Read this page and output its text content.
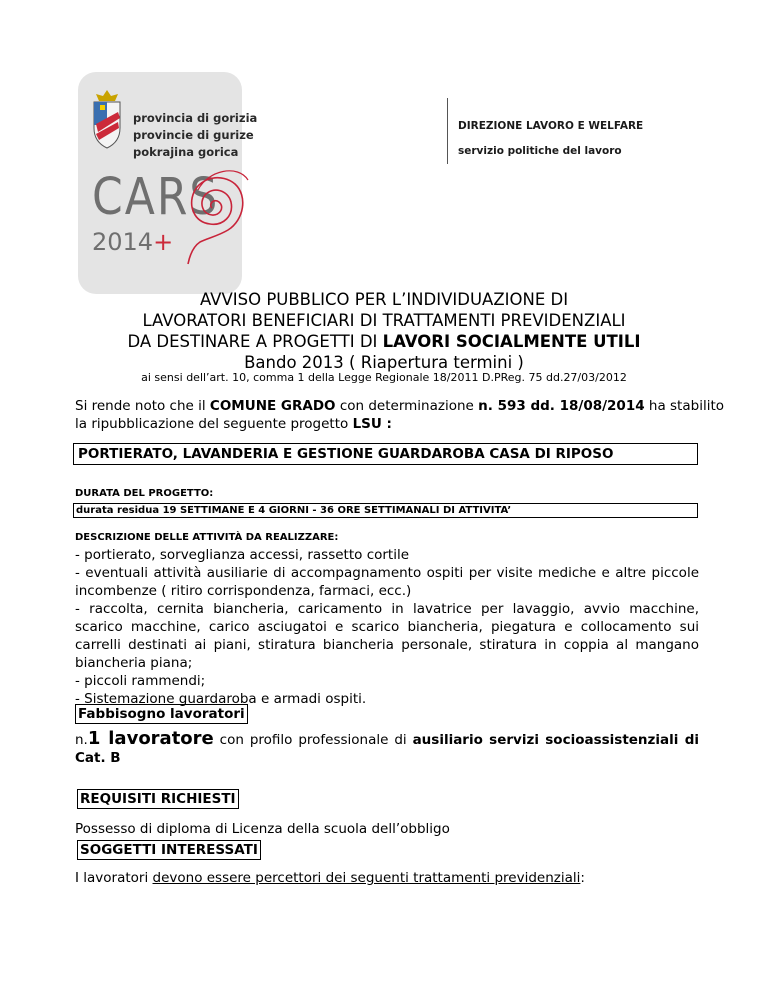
provincia di gorizia
provincie di gurize
pokrajina gorica
CARS
2014+
DIREZIONE LAVORO E WELFARE
servizio politiche del lavoro
AVVISO PUBBLICO PER L’INDIVIDUAZIONE DI
LAVORATORI BENEFICIARI DI TRATTAMENTI PREVIDENZIALI
DA DESTINARE A PROGETTI DI LAVORI SOCIALMENTE UTILI
Bando 2013 ( Riapertura termini )
ai sensi dell’art. 10, comma 1 della Legge Regionale 18/2011 D.PReg. 75 dd.27/03/2012
Si rende noto che il COMUNE GRADO con determinazione n. 593 dd. 18/08/2014 ha stabilito
la ripubblicazione del seguente progetto LSU :
PORTIERATO, LAVANDERIA E GESTIONE GUARDAROBA CASA DI RIPOSO
DURATA DEL PROGETTO:
durata residua 19 SETTIMANE E 4 GIORNI - 36 ORE SETTIMANALI DI ATTIVITA’
DESCRIZIONE DELLE ATTIVITÀ DA REALIZZARE:
- portierato, sorveglianza accessi, rassetto cortile
- eventuali attività ausiliarie di accompagnamento ospiti per visite mediche e altre piccole
incombenze ( ritiro corrispondenza, farmaci, ecc.)
- raccolta, cernita biancheria, caricamento in lavatrice per lavaggio, avvio macchine,
scarico macchine, carico asciugatoi e scarico biancheria, piegatura e collocamento sui
carrelli destinati ai piani, stiratura biancheria personale, stiratura in coppia al mangano
biancheria piana;
- piccoli rammendi;
- Sistemazione guardaroba e armadi ospiti.
Fabbisogno lavoratori
n.1 lavoratore con profilo professionale di ausiliario servizi socioassistenziali di
Cat. B
REQUISITI RICHIESTI
Possesso di diploma di Licenza della scuola dell’obbligo
SOGGETTI INTERESSATI
I lavoratori devono essere percettori dei seguenti trattamenti previdenziali:
